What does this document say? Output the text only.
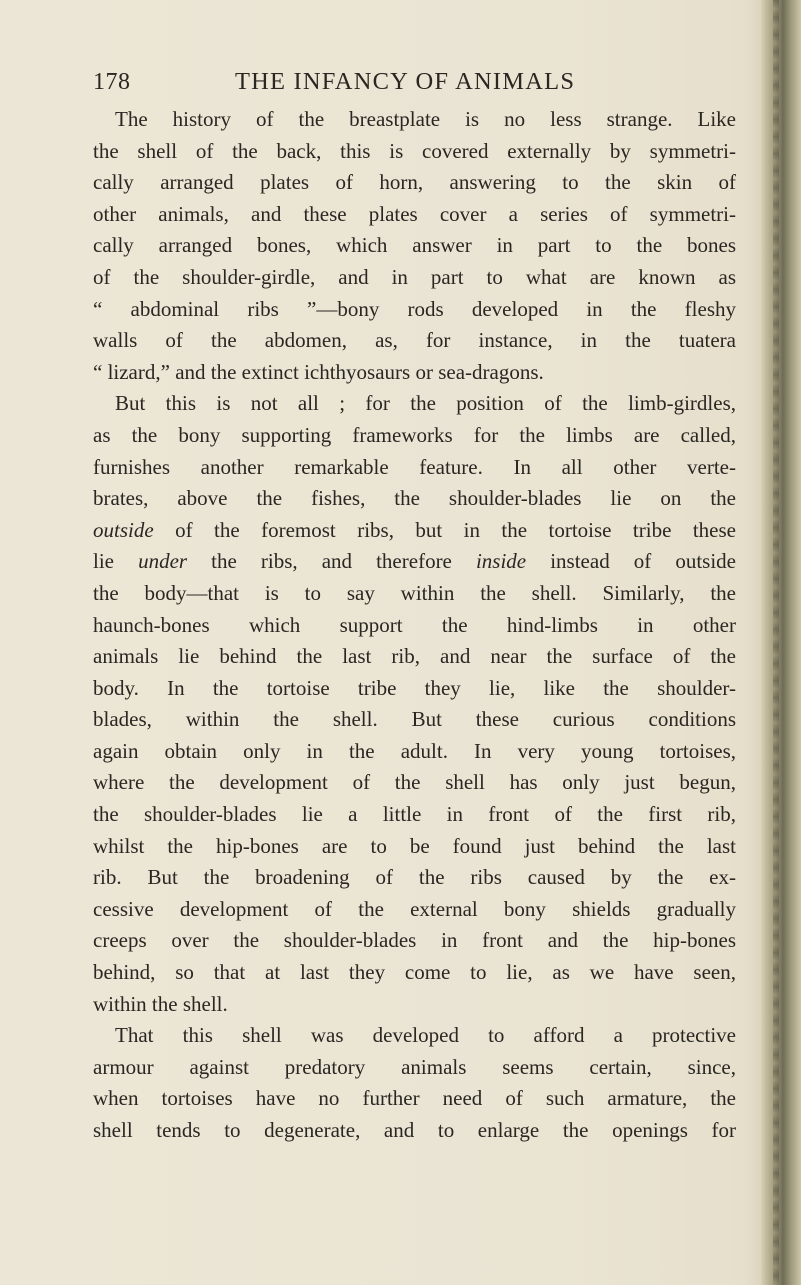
178	THE INFANCY OF ANIMALS
The history of the breastplate is no less strange. Like
the shell of the back, this is covered externally by symmetri-
cally arranged plates of horn, answering to the skin of
other animals, and these plates cover a series of symmetri-
cally arranged bones, which answer in part to the bones
of the shoulder-girdle, and in part to what are known as
“ abdominal ribs ”—bony rods developed in the fleshy
walls of the abdomen, as, for instance, in the tuatera
“ lizard,” and the extinct ichthyosaurs or sea-dragons.
But this is not all ; for the position of the limb-girdles,
as the bony supporting frameworks for the limbs are called,
furnishes another remarkable feature. In all other verte-
brates, above the fishes, the shoulder-blades lie on the
outside of the foremost ribs, but in the tortoise tribe these
lie under the ribs, and therefore inside instead of outside
the body—that is to say within the shell. Similarly, the
haunch-bones which support the hind-limbs in other
animals lie behind the last rib, and near the surface of the
body. In the tortoise tribe they lie, like the shoulder-
blades, within the shell. But these curious conditions
again obtain only in the adult. In very young tortoises,
where the development of the shell has only just begun,
the shoulder-blades lie a little in front of the first rib,
whilst the hip-bones are to be found just behind the last
rib. But the broadening of the ribs caused by the ex-
cessive development of the external bony shields gradually
creeps over the shoulder-blades in front and the hip-bones
behind, so that at last they come to lie, as we have seen,
within the shell.
That this shell was developed to afford a protective
armour against predatory animals seems certain, since,
when tortoises have no further need of such armature, the
shell tends to degenerate, and to enlarge the openings for
